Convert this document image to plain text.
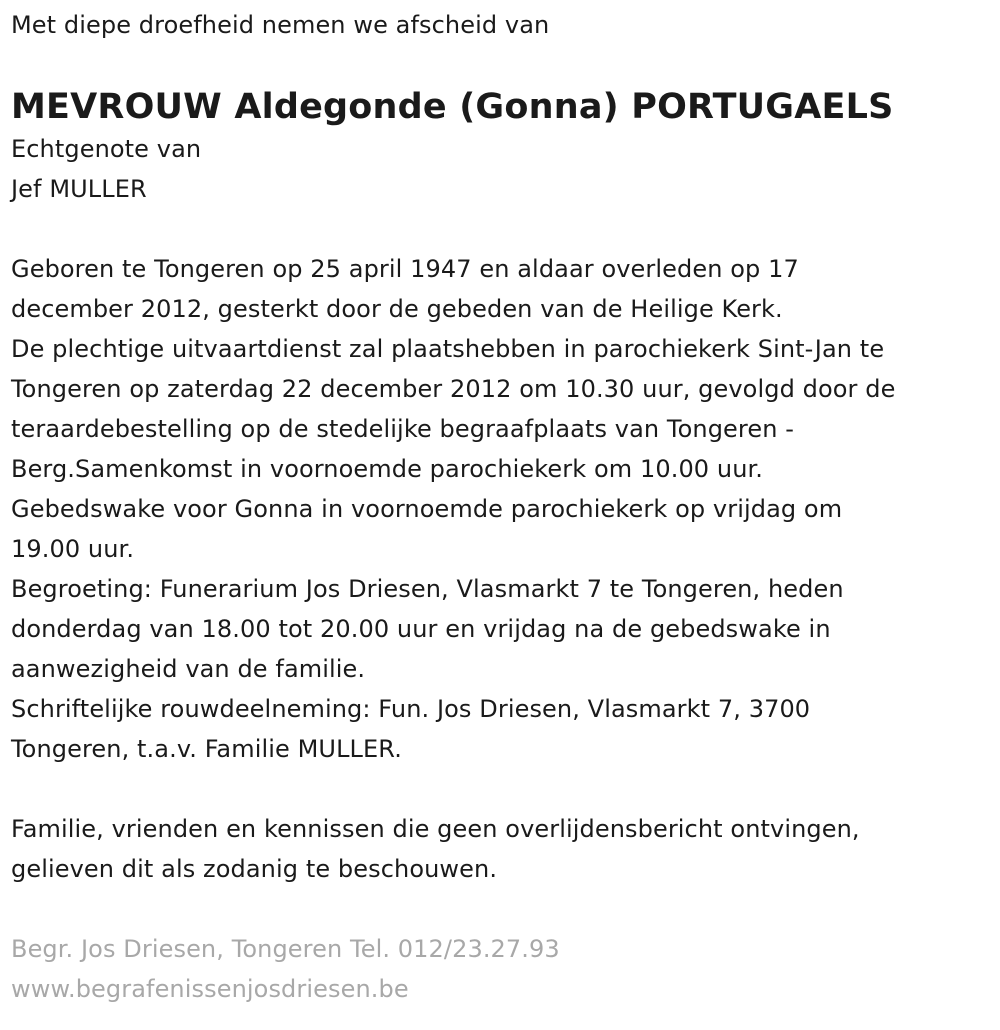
Met diepe droefheid nemen we afscheid van
MEVROUW Aldegonde (Gonna) PORTUGAELS
Echtgenote van
Jef MULLER
Geboren te Tongeren op 25 april 1947 en aldaar overleden op 17
december 2012, gesterkt door de gebeden van de Heilige Kerk.
De plechtige uitvaartdienst zal plaatshebben in parochiekerk Sint-Jan te
Tongeren op zaterdag 22 december 2012 om 10.30 uur, gevolgd door de
teraardebestelling op de stedelijke begraafplaats van Tongeren -
Berg.Samenkomst in voornoemde parochiekerk om 10.00 uur.
Gebedswake voor Gonna in voornoemde parochiekerk op vrijdag om
19.00 uur.
Begroeting: Funerarium Jos Driesen, Vlasmarkt 7 te Tongeren, heden
donderdag van 18.00 tot 20.00 uur en vrijdag na de gebedswake in
aanwezigheid van de familie.
Schriftelijke rouwdeelneming: Fun. Jos Driesen, Vlasmarkt 7, 3700
Tongeren, t.a.v. Familie MULLER.
Familie, vrienden en kennissen die geen overlijdensbericht ontvingen,
gelieven dit als zodanig te beschouwen.
Begr. Jos Driesen, Tongeren Tel. 012/23.27.93
www.begrafenissenjosdriesen.be
